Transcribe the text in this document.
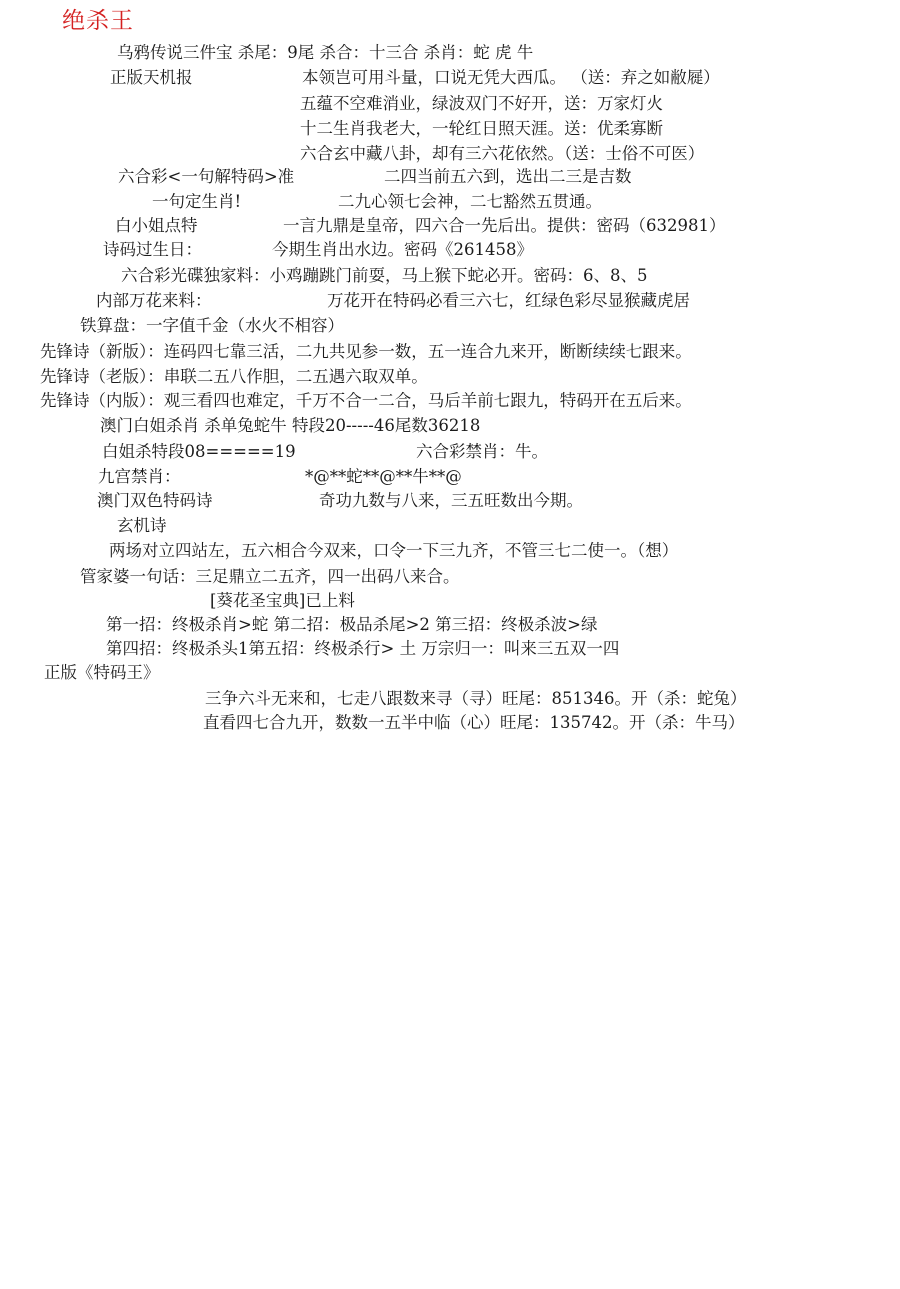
绝杀王
乌鸦传说三件宝 杀尾：9尾 杀合：十三合 杀肖：蛇 虎 牛
正版天机报	本领岂可用斗量，口说无凭大西瓜。 （送：弃之如敝屣）
五蕴不空难消业，绿波双门不好开，送：万家灯火
十二生肖我老大，一轮红日照天涯。送：优柔寡断
六合玄中藏八卦，却有三六花依然。（送：士俗不可医）
六合彩<一句解特码>准	二四当前五六到，选出二三是吉数
一句定生肖!	二九心领七会神，二七豁然五贯通。
白小姐点特	一言九鼎是皇帝，四六合一先后出。提供：密码（632981）
诗码过生日：	今期生肖出水边。密码《261458》
六合彩光碟独家料：小鸡蹦跳门前耍，马上猴下蛇必开。密码：6、8、5
内部万花来料：	万花开在特码必看三六七，红绿色彩尽显猴藏虎居
铁算盘：一字值千金（水火不相容）
先锋诗（新版）：连码四七靠三活，二九共见参一数，五一连合九来开，断断续续七跟来。
先锋诗（老版）：串联二五八作胆，二五遇六取双单。
先锋诗（内版）：观三看四也难定，千万不合一二合，马后羊前七跟九，特码开在五后来。
澳门白姐杀肖 杀单兔蛇牛 特段20-----46尾数36218
白姐杀特段08=====19	六合彩禁肖：牛。
九宫禁肖：	*@**蛇**@**牛**@
澳门双色特码诗	奇功九数与八来，三五旺数出今期。
玄机诗
两场对立四站左，五六相合今双来，口令一下三九齐，不管三七二使一。（想）
管家婆一句话：三足鼎立二五齐，四一出码八来合。
[葵花圣宝典]已上料
第一招：终极杀肖>蛇 第二招：极品杀尾>2 第三招：终极杀波>绿
第四招：终极杀头1第五招：终极杀行> 土 万宗归一：叫来三五双一四
正版《特码王》
三争六斗无来和，七走八跟数来寻（寻）旺尾：851346。开（杀：蛇兔）
直看四七合九开，数数一五半中临（心）旺尾：135742。开（杀：牛马）
